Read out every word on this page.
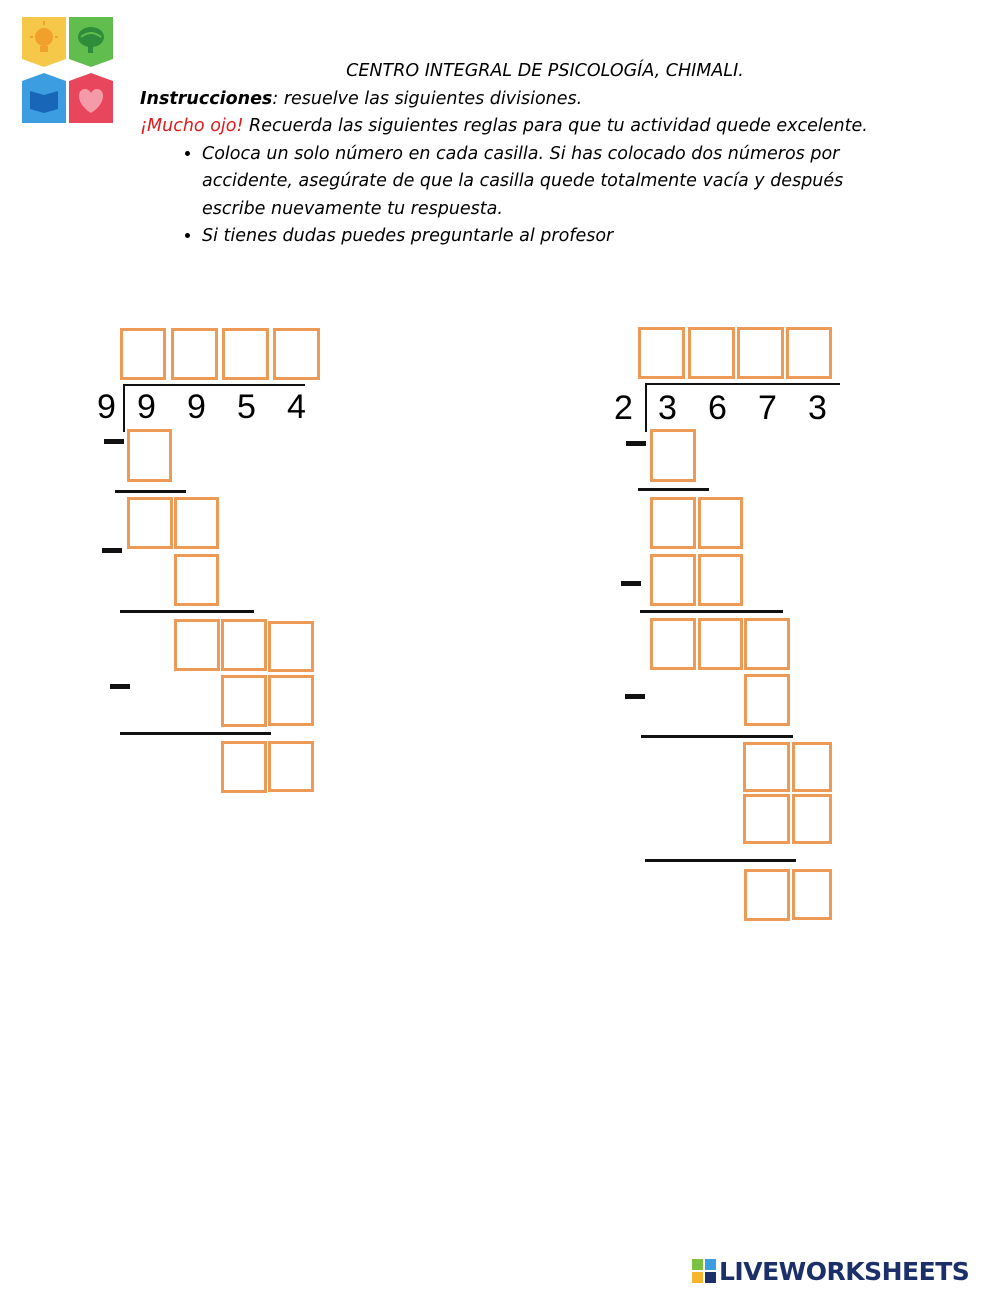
CENTRO INTEGRAL DE PSICOLOGÍA, CHIMALI.
Instrucciones: resuelve las siguientes divisiones.
¡Mucho ojo! Recuerda las siguientes reglas para que tu actividad quede excelente.
• Coloca un solo número en cada casilla. Si has colocado dos números por accidente, asegúrate de que la casilla quede totalmente vacía y después escribe nuevamente tu respuesta.
• Si tienes dudas puedes preguntarle al profesor
9 9 9 5 4	2 3 6 7 3
LIVEWORKSHEETS
